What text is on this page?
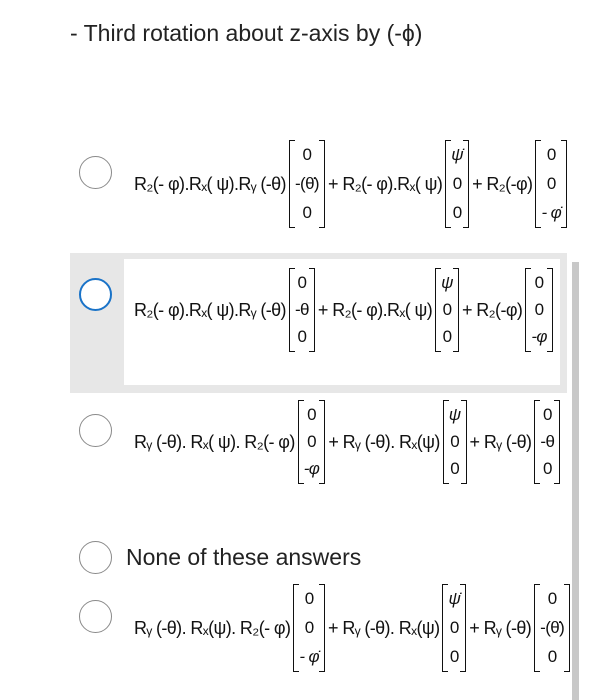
- Third rotation about z-axis by (-ϕ)
R₂(- φ).Rₓ( ψ).Rᵧ (-θ)
0
-(θ̇)
0
+ R₂(- φ).Rₓ( ψ)
ψ̇
0
0
+ R₂(-φ)
0
0
- φ̇
R₂(- φ).Rₓ( ψ).Rᵧ (-θ)
0
-θ
0
+ R₂(- φ).Rₓ( ψ)
ψ
0
0
+ R₂(-φ)
0
0
-φ
Rᵧ (-θ). Rₓ( ψ). R₂(- φ)
0
0
-φ
+ Rᵧ (-θ). Rₓ(ψ)
ψ
0
0
+ Rᵧ (-θ)
0
-θ
0
None of these answers
Rᵧ (-θ). Rₓ(ψ). R₂(- φ)
0
0
- φ̇
+ Rᵧ (-θ). Rₓ(ψ)
ψ̇
0
0
+ Rᵧ (-θ)
0
-(θ̇)
0
